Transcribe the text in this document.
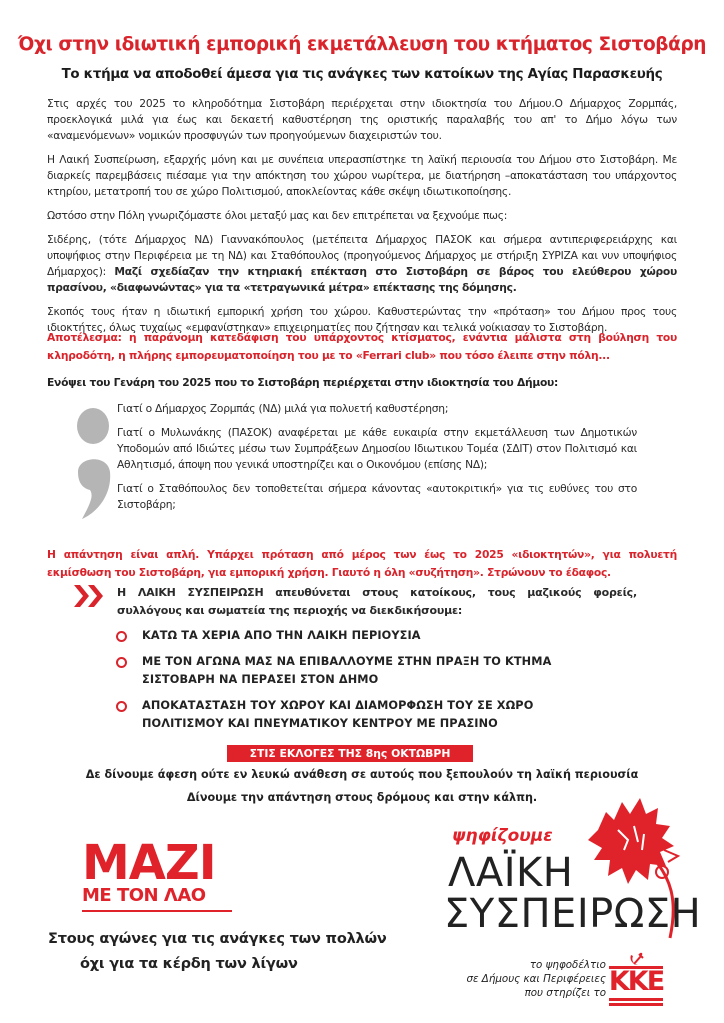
Όχι στην ιδιωτική εμπορική εκμετάλλευση του κτήματος Σιστοβάρη
Το κτήμα να αποδοθεί άμεσα για τις ανάγκες των κατοίκων της Αγίας Παρασκευής

Στις αρχές του 2025 το κληροδότημα Σιστοβάρη περιέρχεται στην ιδιοκτησία του Δήμου.Ο Δήμαρχος Ζορμπάς, προεκλογικά μιλά για έως και δεκαετή καθυστέρηση της οριστικής παραλαβής του απ' το Δήμο λόγω των «αναμενόμενων» νομικών προσφυγών των προηγούμενων διαχειριστών του.

Η Λαική Συσπείρωση, εξαρχής μόνη και με συνέπεια υπερασπίστηκε τη λαϊκή περιουσία του Δήμου στο Σιστοβάρη. Με διαρκείς παρεμβάσεις πιέσαμε για την απόκτηση του χώρου νωρίτερα, με διατήρηση –αποκατάσταση του υπάρχοντος κτηρίου, μετατροπή του σε χώρο Πολιτισμού, αποκλείοντας κάθε σκέψη ιδιωτικοποίησης.

Ωστόσο στην Πόλη γνωριζόμαστε όλοι μεταξύ μας και δεν επιτρέπεται να ξεχνούμε πως:

Σιδέρης, (τότε Δήμαρχος ΝΔ) Γιαννακόπουλος (μετέπειτα Δήμαρχος ΠΑΣΟΚ και σήμερα αντιπεριφερειάρχης και υποψήφιος στην Περιφέρεια με τη ΝΔ) και Σταθόπουλος (προηγούμενος Δήμαρχος με στήριξη ΣΥΡΙΖΑ και νυν υποψήφιος Δήμαρχος): Μαζί σχεδίαζαν την κτηριακή επέκταση στο Σιστοβάρη σε βάρος του ελεύθερου χώρου πρασίνου, «διαφωνώντας» για τα «τετραγωνικά μέτρα» επέκτασης της δόμησης.

Σκοπός τους ήταν η ιδιωτική εμπορική χρήση του χώρου. Καθυστερώντας την «πρόταση» του Δήμου προς τους ιδιοκτήτες, όλως τυχαίως «εμφανίστηκαν» επιχειρηματίες που ζήτησαν και τελικά νοίκιασαν το Σιστοβάρη.

Αποτέλεσμα: η παράνομη κατεδάφιση του υπάρχοντος κτίσματος, ενάντια μάλιστα στη βούληση του κληροδότη, η πλήρης εμπορευματοποίηση του με το «Ferrari club» που τόσο έλειπε στην πόλη...
Ενόψει του Γενάρη του 2025 που το Σιστοβάρη περιέρχεται στην ιδιοκτησία του Δήμου:

Γιατί ο Δήμαρχος Ζορμπάς (ΝΔ) μιλά για πολυετή καθυστέρηση;

Γιατί ο Μυλωνάκης (ΠΑΣΟΚ) αναφέρεται με κάθε ευκαιρία στην εκμετάλλευση των Δημοτικών Υποδομών από Ιδιώτες μέσω των Συμπράξεων Δημοσίου Ιδιωτικου Τομέα (ΣΔΙΤ) στον Πολιτισμό και Αθλητισμό, άποψη που γενικά υποστηρίζει και ο Οικονόμου (επίσης ΝΔ);

Γιατί ο Σταθόπουλος δεν τοποθετείται σήμερα κάνοντας «αυτοκριτική» για τις ευθύνες του στο Σιστοβάρη;

Η απάντηση είναι απλή. Υπάρχει πρόταση από μέρος των έως το 2025 «ιδιοκτητών», για πολυετή εκμίσθωση του Σιστοβάρη, για εμπορική χρήση. Γιαυτό η όλη «συζήτηση». Στρώνουν το έδαφος.
Η ΛΑΙΚΗ ΣΥΣΠΕΙΡΩΣΗ απευθύνεται στους κατοίκους, τους μαζικούς φορείς, συλλόγους και σωματεία της περιοχής να διεκδικήσουμε:
ΚΑΤΩ ΤΑ ΧΕΡΙΑ ΑΠΟ ΤΗΝ ΛΑΙΚΗ ΠΕΡΙΟΥΣΙΑ
ΜΕ ΤΟΝ ΑΓΩΝΑ ΜΑΣ ΝΑ ΕΠΙΒΑΛΛΟΥΜΕ ΣΤΗΝ ΠΡΑΞΗ ΤΟ ΚΤΗΜΑ ΣΙΣΤΟΒΑΡΗ ΝΑ ΠΕΡΑΣΕΙ ΣΤΟΝ ΔΗΜΟ
ΑΠΟΚΑΤΑΣΤΑΣΗ ΤΟΥ ΧΩΡΟΥ ΚΑΙ ΔΙΑΜΟΡΦΩΣΗ ΤΟΥ ΣΕ ΧΩΡΟ ΠΟΛΙΤΙΣΜΟΥ ΚΑΙ ΠΝΕΥΜΑΤΙΚΟΥ ΚΕΝΤΡΟΥ ΜΕ ΠΡΑΣΙΝΟ
ΣΤΙΣ ΕΚΛΟΓΕΣ ΤΗΣ 8ης ΟΚΤΩΒΡΗ
Δε δίνουμε άφεση ούτε εν λευκώ ανάθεση σε αυτούς που ξεπουλούν τη λαϊκή περιουσία
Δίνουμε την απάντηση στους δρόμους και στην κάλπη.
ΜΑΖΙ
ΜΕ ΤΟΝ ΛΑΟ
Στους αγώνες για τις ανάγκες των πολλών
όχι για τα κέρδη των λίγων
ψηφίζουμε
ΛΑΪΚΗ
ΣΥΣΠΕΙΡΩΣΗ
το ψηφοδέλτιο
σε Δήμους και Περιφέρειες
που στηρίζει το ΚΚΕ
